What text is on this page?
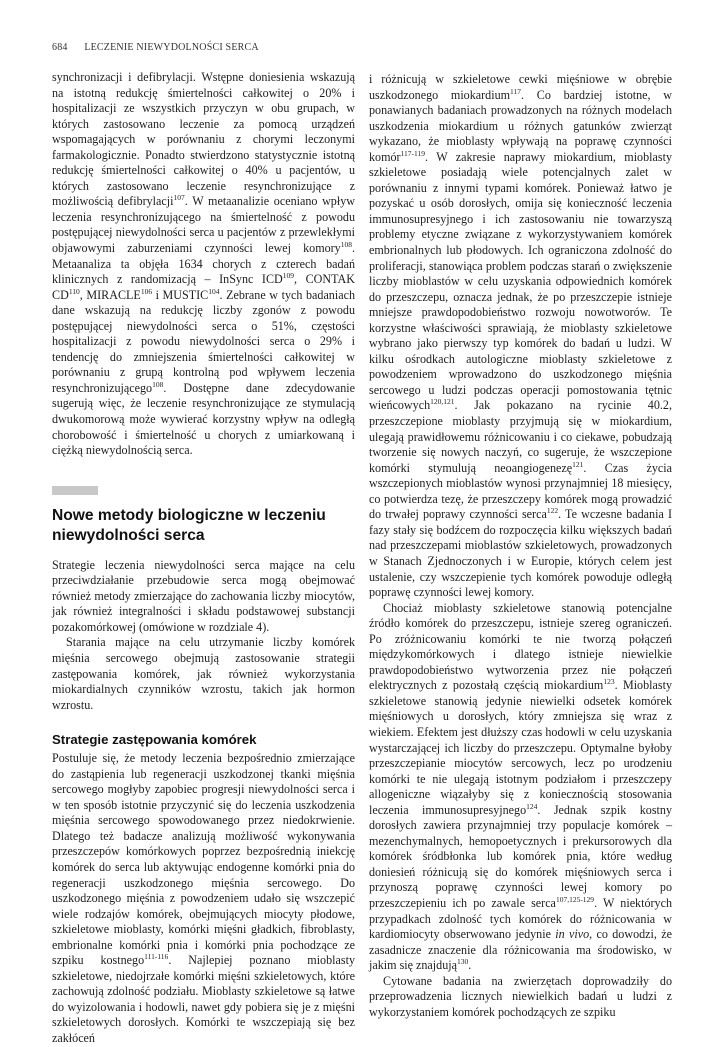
684 LECZENIE NIEWYDOLNOŚCI SERCA

synchronizacji i defibrylacji. Wstępne doniesienia wskazują na istotną redukcję śmiertelności całkowitej o 20% i hospitalizacji ze wszystkich przyczyn w obu grupach, w których zastosowano leczenie za pomocą urządzeń wspomagających w porównaniu z chorymi leczonymi farmakologicznie. Ponadto stwierdzono statystycznie istotną redukcję śmiertelności całkowitej o 40% u pacjentów, u których zastosowano leczenie resynchronizujące z możliwością defibrylacji$^{107}$. W metaanalizie oceniano wpływ leczenia resynchronizującego na śmiertelność z powodu postępującej niewydolności serca u pacjentów z przewlekłymi objawowymi zaburzeniami czynności lewej komory$^{108}$. Metaanaliza ta objęła 1634 chorych z czterech badań klinicznych z randomizacją – InSync ICD$^{109}$, CONTAK CD$^{110}$, MIRACLE$^{106}$ i MUSTIC$^{104}$. Zebrane w tych badaniach dane wskazują na redukcję liczby zgonów z powodu postępującej niewydolności serca o 51%, częstości hospitalizacji z powodu niewydolności serca o 29% i tendencję do zmniejszenia śmiertelności całkowitej w porównaniu z grupą kontrolną pod wpływem leczenia resynchronizującego$^{108}$. Dostępne dane zdecydowanie sugerują więc, że leczenie resynchronizujące ze stymulacją dwukomorową może wywierać korzystny wpływ na odległą chorobowość i śmiertelność u chorych z umiarkowaną i ciężką niewydolnością serca.

Nowe metody biologiczne w leczeniu niewydolności serca

Strategie leczenia niewydolności serca mające na celu przeciwdziałanie przebudowie serca mogą obejmować również metody zmierzające do zachowania liczby miocytów, jak również integralności i składu podstawowej substancji pozakomórkowej (omówione w rozdziale 4).

Starania mające na celu utrzymanie liczby komórek mięśnia sercowego obejmują zastosowanie strategii zastępowania komórek, jak również wykorzystania miokardialnych czynników wzrostu, takich jak hormon wzrostu.

Strategie zastępowania komórek

Postuluje się, że metody leczenia bezpośrednio zmierzające do zastąpienia lub regeneracji uszkodzonej tkanki mięśnia sercowego mogłyby zapobiec progresji niewydolności serca i w ten sposób istotnie przyczynić się do leczenia uszkodzenia mięśnia sercowego spowodowanego przez niedokrwienie. Dlatego też badacze analizują możliwość wykonywania przeszczepów komórkowych poprzez bezpośrednią iniekcję komórek do serca lub aktywując endogenne komórki pnia do regeneracji uszkodzonego mięśnia sercowego. Do uszkodzonego mięśnia z powodzeniem udało się wszczepić wiele rodzajów komórek, obejmujących miocyty płodowe, szkieletowe mioblasty, komórki mięśni gładkich, fibroblasty, embrionalne komórki pnia i komórki pnia pochodzące ze szpiku kostnego$^{111-116}$. Najlepiej poznano mioblasty szkieletowe, niedojrzałe komórki mięśni szkieletowych, które zachowują zdolność podziału. Mioblasty szkieletowe są łatwe do wyizolowania i hodowli, nawet gdy pobiera się je z mięśni szkieletowych dorosłych. Komórki te wszczepiają się bez zakłóceń

i różnicują w szkieletowe cewki mięśniowe w obrębie uszkodzonego miokardium$^{117}$. Co bardziej istotne, w ponawianych badaniach prowadzonych na różnych modelach uszkodzenia miokardium u różnych gatunków zwierząt wykazano, że mioblasty wpływają na poprawę czynności komór$^{117-119}$. W zakresie naprawy miokardium, mioblasty szkieletowe posiadają wiele potencjalnych zalet w porównaniu z innymi typami komórek. Ponieważ łatwo je pozyskać u osób dorosłych, omija się konieczność leczenia immunosupresyjnego i ich zastosowaniu nie towarzyszą problemy etyczne związane z wykorzystywaniem komórek embrionalnych lub płodowych. Ich ograniczona zdolność do proliferacji, stanowiąca problem podczas starań o zwiększenie liczby mioblastów w celu uzyskania odpowiednich komórek do przeszczepu, oznacza jednak, że po przeszczepie istnieje mniejsze prawdopodobieństwo rozwoju nowotworów. Te korzystne właściwości sprawiają, że mioblasty szkieletowe wybrano jako pierwszy typ komórek do badań u ludzi. W kilku ośrodkach autologiczne mioblasty szkieletowe z powodzeniem wprowadzono do uszkodzonego mięśnia sercowego u ludzi podczas operacji pomostowania tętnic wieńcowych$^{120,121}$. Jak pokazano na rycinie 40.2, przeszczepione mioblasty przyjmują się w miokardium, ulegają prawidłowemu różnicowaniu i co ciekawe, pobudzają tworzenie się nowych naczyń, co sugeruje, że wszczepione komórki stymulują neoangiogenezę$^{121}$. Czas życia wszczepionych mioblastów wynosi przynajmniej 18 miesięcy, co potwierdza tezę, że przeszczepy komórek mogą prowadzić do trwałej poprawy czynności serca$^{122}$. Te wczesne badania I fazy stały się bodźcem do rozpoczęcia kilku większych badań nad przeszczepami mioblastów szkieletowych, prowadzonych w Stanach Zjednoczonych i w Europie, których celem jest ustalenie, czy wszczepienie tych komórek powoduje odległą poprawę czynności lewej komory.

Chociaż mioblasty szkieletowe stanowią potencjalne źródło komórek do przeszczepu, istnieje szereg ograniczeń. Po zróżnicowaniu komórki te nie tworzą połączeń międzykomórkowych i dlatego istnieje niewielkie prawdopodobieństwo wytworzenia przez nie połączeń elektrycznych z pozostałą częścią miokardium$^{123}$. Mioblasty szkieletowe stanowią jedynie niewielki odsetek komórek mięśniowych u dorosłych, który zmniejsza się wraz z wiekiem. Efektem jest dłuższy czas hodowli w celu uzyskania wystarczającej ich liczby do przeszczepu. Optymalne byłoby przeszczepianie miocytów sercowych, lecz po urodzeniu komórki te nie ulegają istotnym podziałom i przeszczepy allogeniczne wiązałyby się z koniecznością stosowania leczenia immunosupresyjnego$^{124}$. Jednak szpik kostny dorosłych zawiera przynajmniej trzy populacje komórek – mezenchymalnych, hemopoetycznych i prekursorowych dla komórek śródbłonka lub komórek pnia, które według doniesień różnicują się do komórek mięśniowych serca i przynoszą poprawę czynności lewej komory po przeszczepieniu ich po zawale serca$^{107,125-129}$. W niektórych przypadkach zdolność tych komórek do różnicowania w kardiomiocyty obserwowano jedynie in vivo, co dowodzi, że zasadnicze znaczenie dla różnicowania ma środowisko, w jakim się znajdują$^{130}$.

Cytowane badania na zwierzętach doprowadziły do przeprowadzenia licznych niewielkich badań u ludzi z wykorzystaniem komórek pochodzących ze szpiku
